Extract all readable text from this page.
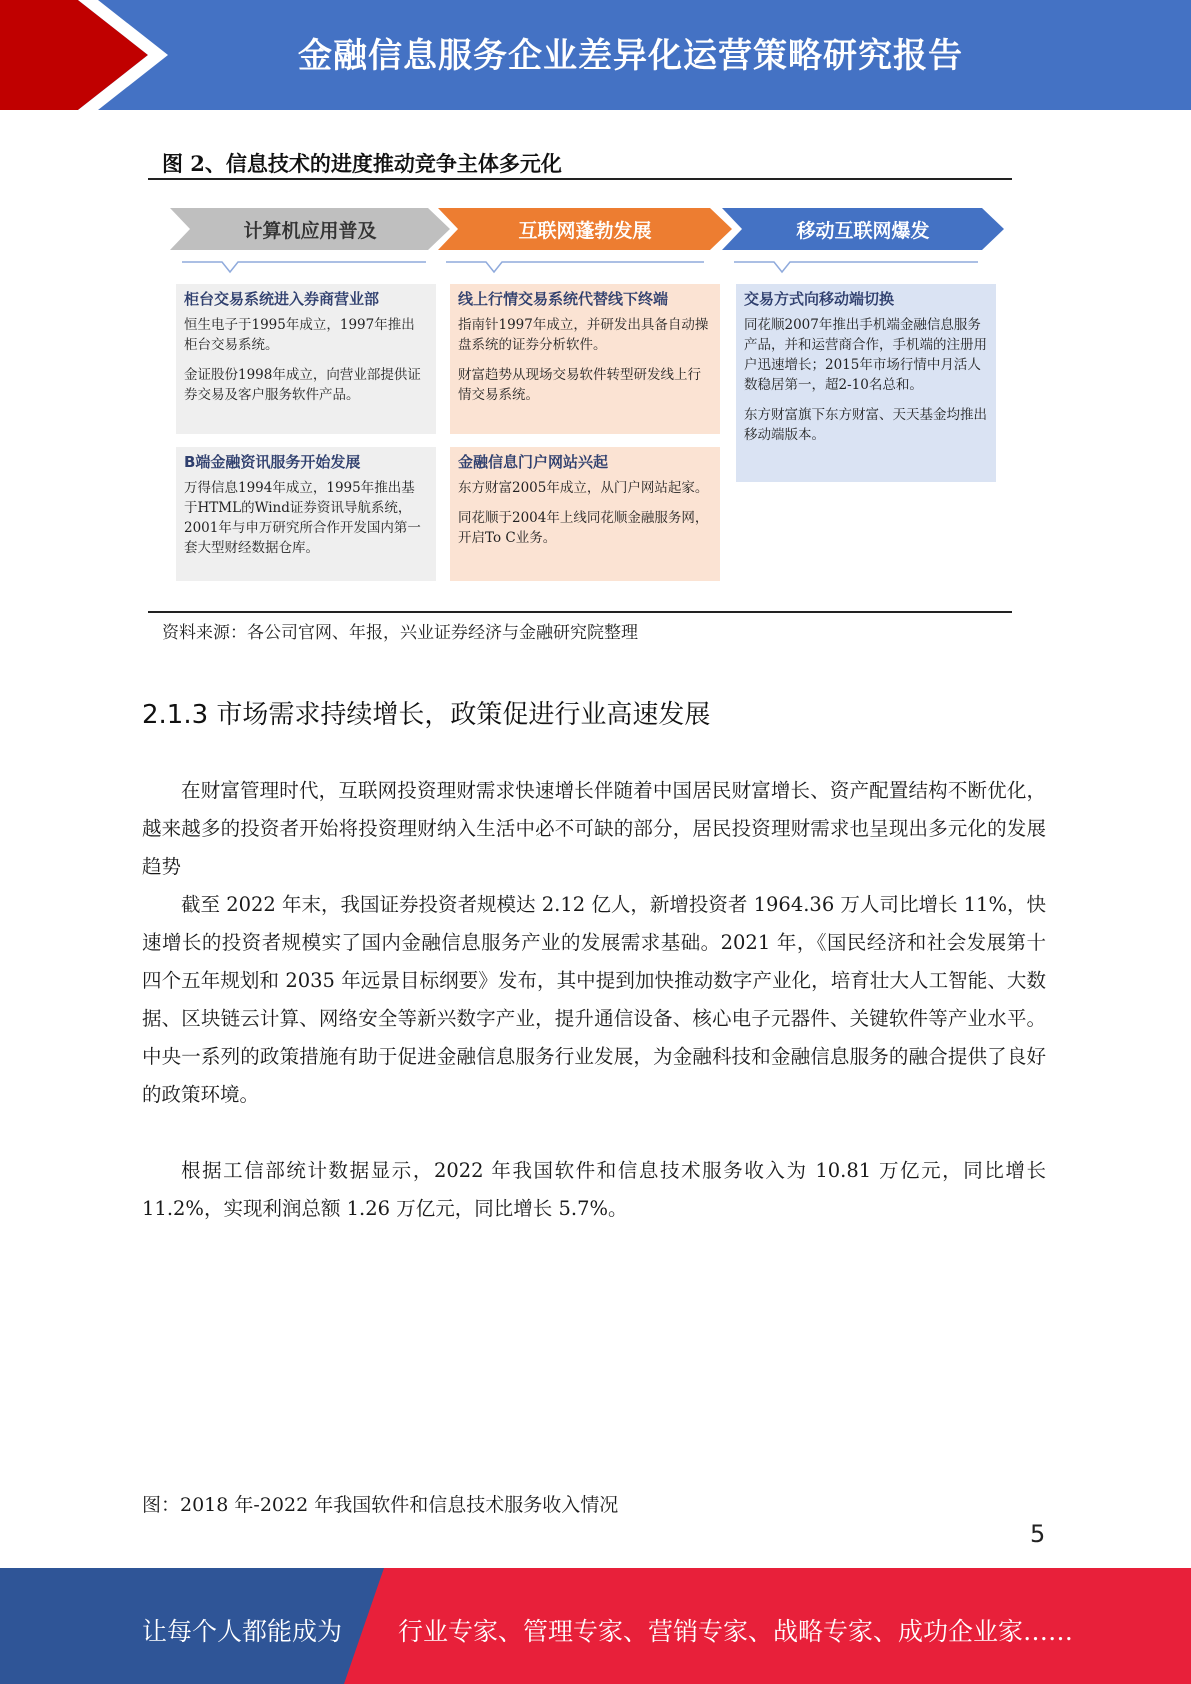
金融信息服务企业差异化运营策略研究报告
图 2、信息技术的进度推动竞争主体多元化
计算机应用普及	互联网蓬勃发展	移动互联网爆发
柜台交易系统进入券商营业部

恒生电子于1995年成立，1997年推出柜台交易系统。

金证股份1998年成立，向营业部提供证券交易及客户服务软件产品。

B端金融资讯服务开始发展

万得信息1994年成立，1995年推出基于HTML的Wind证券资讯导航系统，2001年与申万研究所合作开发国内第一套大型财经数据仓库。

线上行情交易系统代替线下终端

指南针1997年成立，并研发出具备自动操盘系统的证券分析软件。

财富趋势从现场交易软件转型研发线上行情交易系统。

金融信息门户网站兴起

东方财富2005年成立，从门户网站起家。

同花顺于2004年上线同花顺金融服务网，开启To C业务。

交易方式向移动端切换

同花顺2007年推出手机端金融信息服务产品，并和运营商合作，手机端的注册用户迅速增长；2015年市场行情中月活人数稳居第一，超2-10名总和。

东方财富旗下东方财富、天天基金均推出移动端版本。

资料来源：各公司官网、年报，兴业证券经济与金融研究院整理
2.1.3 市场需求持续增长，政策促进行业高速发展

在财富管理时代，互联网投资理财需求快速增长伴随着中国居民财富增长、资产配置结构不断优化，越来越多的投资者开始将投资理财纳入生活中必不可缺的部分，居民投资理财需求也呈现出多元化的发展趋势

截至 2022 年末，我国证券投资者规模达 2.12 亿人，新增投资者 1964.36 万人司比增长 11%，快速增长的投资者规模实了国内金融信息服务产业的发展需求基础。2021 年，《国民经济和社会发展第十四个五年规划和 2035 年远景目标纲要》发布，其中提到加快推动数字产业化，培育壮大人工智能、大数据、区块链云计算、网络安全等新兴数字产业，提升通信设备、核心电子元器件、关键软件等产业水平。中央一系列的政策措施有助于促进金融信息服务行业发展，为金融科技和金融信息服务的融合提供了良好的政策环境。

根据工信部统计数据显示，2022 年我国软件和信息技术服务收入为 10.81 万亿元，同比增长 11.2%，实现利润总额 1.26 万亿元，同比增长 5.7%。

图：2018 年-2022 年我国软件和信息技术服务收入情况
5
让每个人都能成为 行业专家、管理专家、营销专家、战略专家、成功企业家……
